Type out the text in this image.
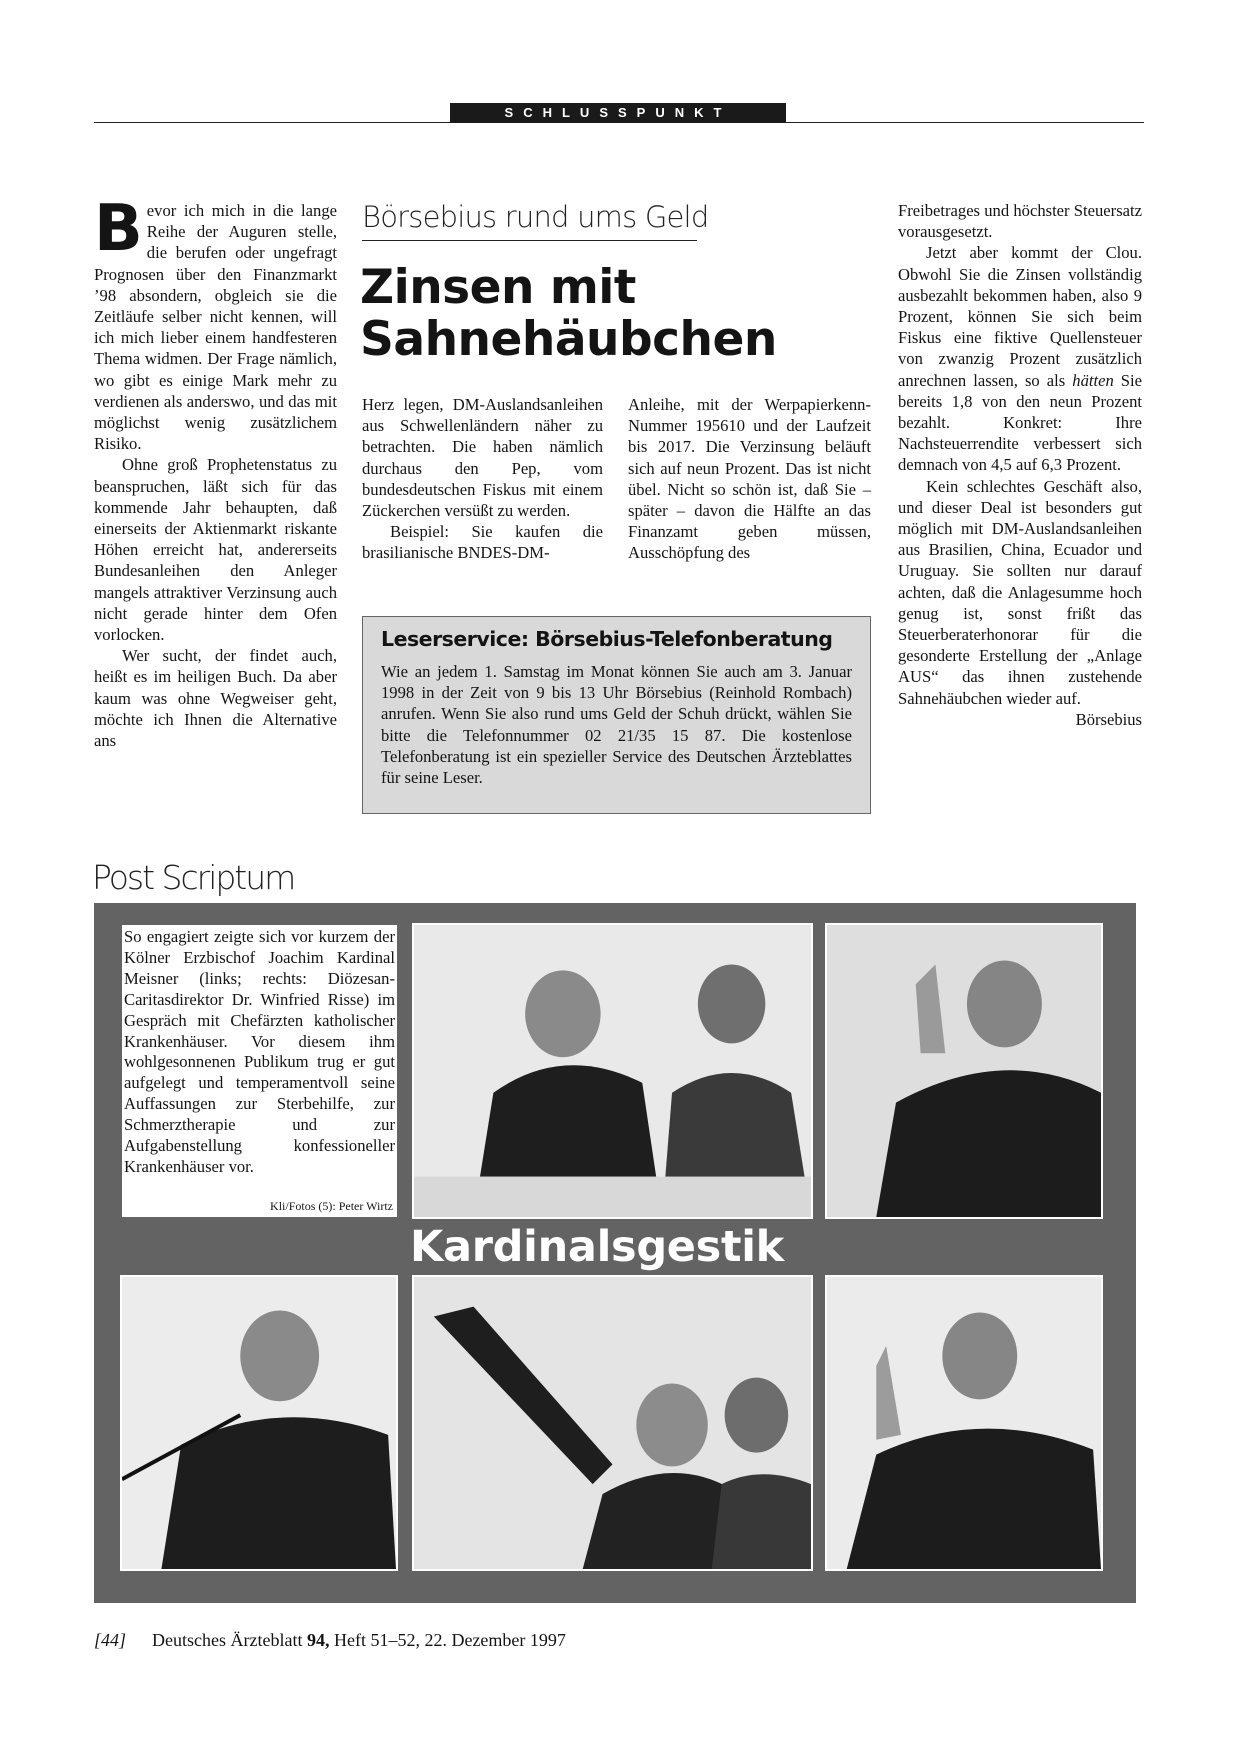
SCHLUSSPUNKT

Bevor ich mich in die lange Reihe der Auguren stelle, die berufen oder ungefragt Prognosen über den Finanzmarkt ’98 absondern, obgleich sie die Zeitläufe selber nicht kennen, will ich mich lieber einem handfesteren Thema widmen. Der Frage nämlich, wo gibt es einige Mark mehr zu verdienen als anderswo, und das mit möglichst wenig zusätzlichem Risiko.

Ohne groß Prophetenstatus zu beanspruchen, läßt sich für das kommende Jahr behaupten, daß einerseits der Aktienmarkt riskante Höhen erreicht hat, andererseits Bundesanleihen den Anleger mangels attraktiver Verzinsung auch nicht gerade hinter dem Ofen vorlocken.

Wer sucht, der findet auch, heißt es im heiligen Buch. Da aber kaum was ohne Wegweiser geht, möchte ich Ihnen die Alternative ans

Börsebius rund ums Geld
Zinsen mit
Sahnehäubchen

Herz legen, DM-Auslandsanleihen aus Schwellenländern näher zu betrachten. Die haben nämlich durchaus den Pep, vom bundesdeutschen Fiskus mit einem Zückerchen versüßt zu werden.

Beispiel: Sie kaufen die brasilianische BNDES-DM-

Anleihe, mit der Werpapierkenn-Nummer 195610 und der Laufzeit bis 2017. Die Verzinsung beläuft sich auf neun Prozent. Das ist nicht übel. Nicht so schön ist, daß Sie – später – davon die Hälfte an das Finanzamt geben müssen, Ausschöpfung des

Freibetrages und höchster Steuersatz vorausgesetzt.

Jetzt aber kommt der Clou. Obwohl Sie die Zinsen vollständig ausbezahlt bekommen haben, also 9 Prozent, können Sie sich beim Fiskus eine fiktive Quellensteuer von zwanzig Prozent zusätzlich anrechnen lassen, so als hätten Sie bereits 1,8 von den neun Prozent bezahlt. Konkret: Ihre Nachsteuerrendite verbessert sich demnach von 4,5 auf 6,3 Prozent.

Kein schlechtes Geschäft also, und dieser Deal ist besonders gut möglich mit DM-Auslandsanleihen aus Brasilien, China, Ecuador und Uruguay. Sie sollten nur darauf achten, daß die Anlagesumme hoch genug ist, sonst frißt das Steuerberaterhonorar für die gesonderte Erstellung der „Anlage AUS“ das ihnen zustehende Sahnehäubchen wieder auf.
Börsebius

Leserservice: Börsebius-Telefonberatung

Wie an jedem 1. Samstag im Monat können Sie auch am 3. Januar 1998 in der Zeit von 9 bis 13 Uhr Börsebius (Reinhold Rombach) anrufen. Wenn Sie also rund ums Geld der Schuh drückt, wählen Sie bitte die Telefonnummer 02 21/35 15 87. Die kostenlose Telefonberatung ist ein spezieller Service des Deutschen Ärzteblattes für seine Leser.

Post Scriptum

So engagiert zeigte sich vor kurzem der Kölner Erzbischof Joachim Kardinal Meisner (links; rechts: Diözesan-Caritasdirektor Dr. Winfried Risse) im Gespräch mit Chefärzten katholischer Krankenhäuser. Vor diesem ihm wohlgesonnenen Publikum trug er gut aufgelegt und temperamentvoll seine Auffassungen zur Sterbehilfe, zur Schmerztherapie und zur Aufgabenstellung konfessioneller Krankenhäuser vor.

Kli/Fotos (5): Peter Wirtz
Kardinalsgestik
[44] Deutsches Ärzteblatt 94, Heft 51–52, 22. Dezember 1997
